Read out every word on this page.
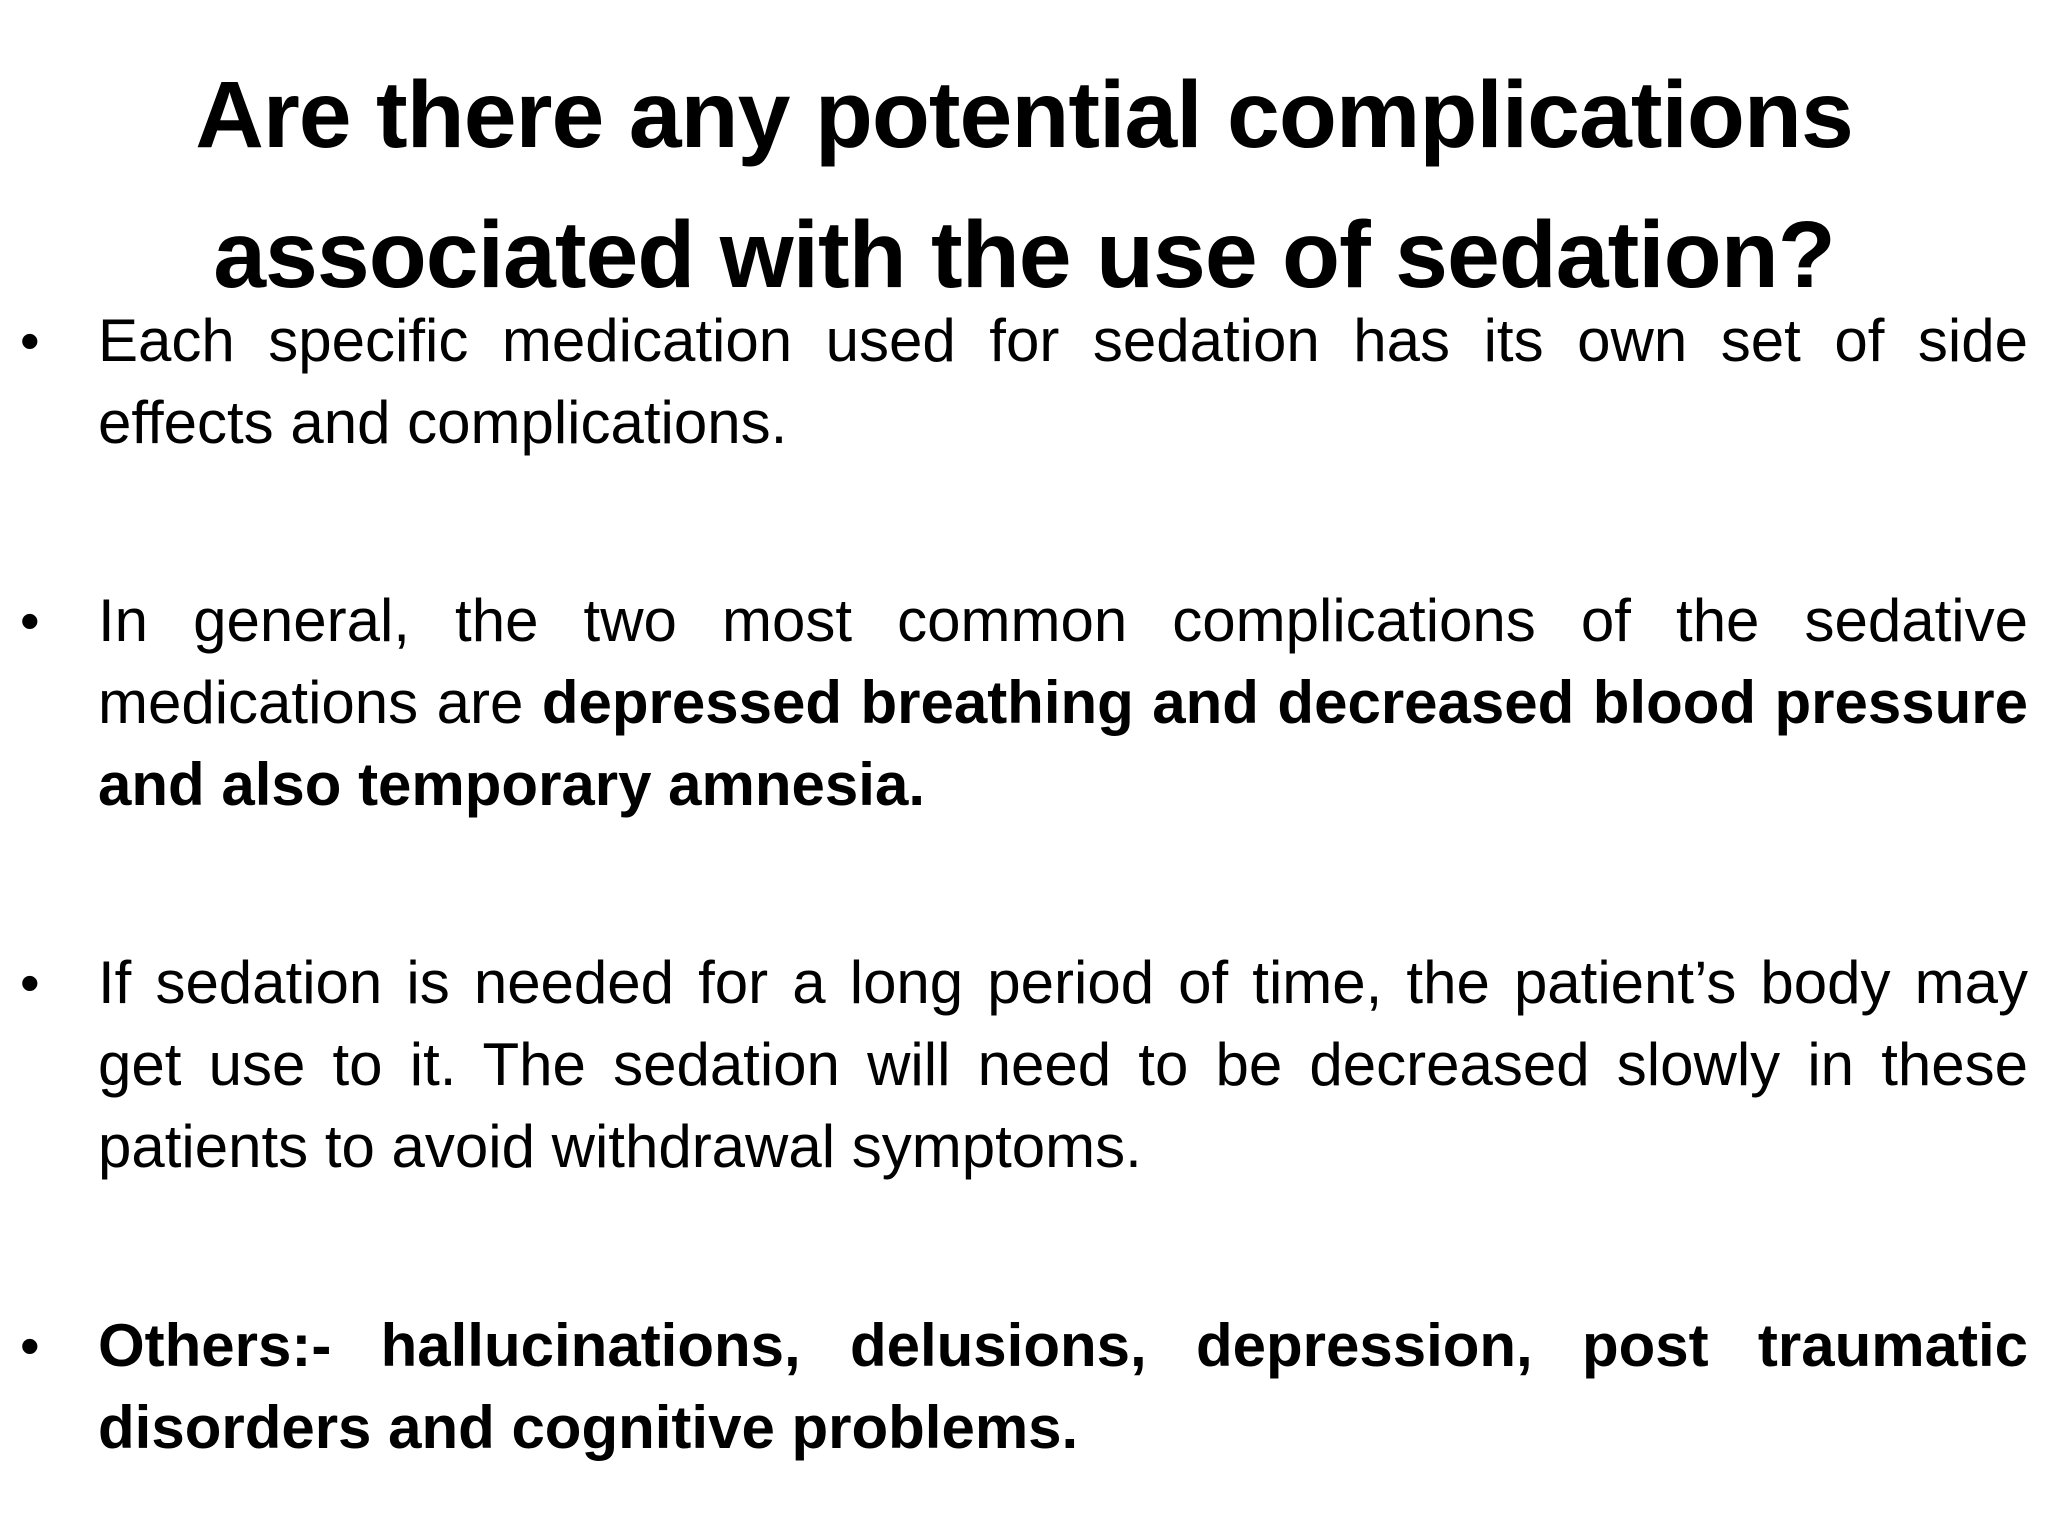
Are there any potential complications associated with the use of sedation?
• Each specific medication used for sedation has its own set of side effects and complications.
• In general, the two most common complications of the sedative medications are depressed breathing and decreased blood pressure and also temporary amnesia.
• If sedation is needed for a long period of time, the patient’s body may get use to it. The sedation will need to be decreased slowly in these patients to avoid withdrawal symptoms.
• Others:- hallucinations, delusions, depression, post traumatic disorders and cognitive problems.
